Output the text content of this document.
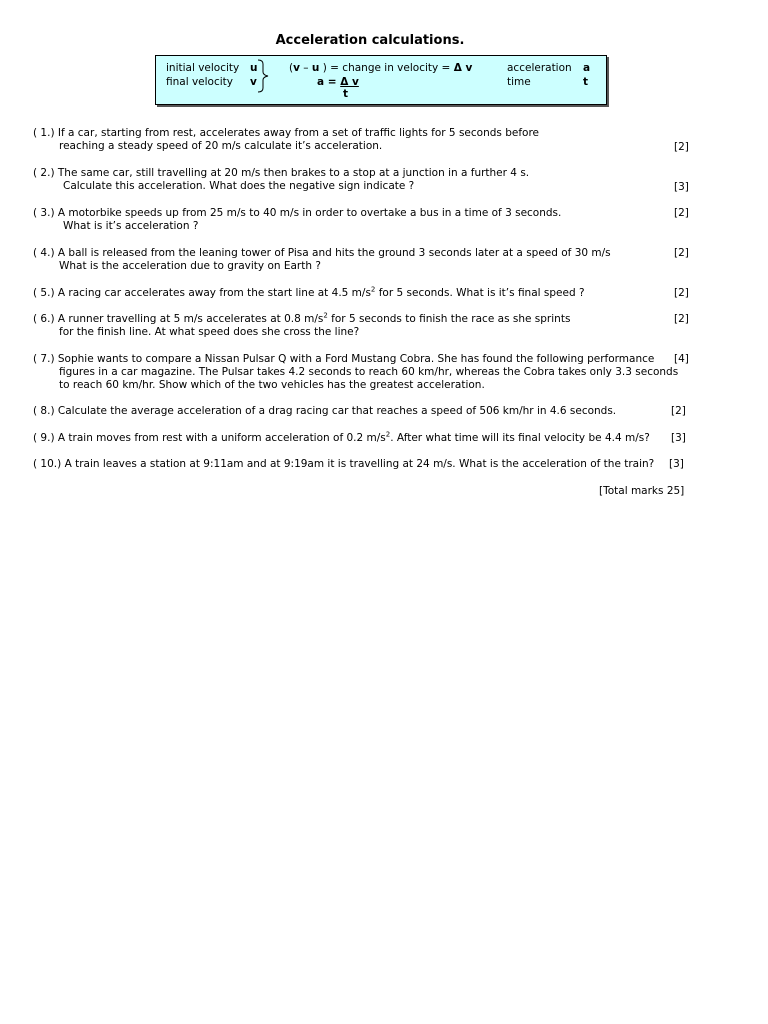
Acceleration calculations.
initial velocity u
final velocity v
(v – u ) = change in velocity = Δ v
a = Δ v
t
acceleration a
time	t
( 1.) If a car, starting from rest, accelerates away from a set of traffic lights for 5 seconds before
reaching a steady speed of 20 m/s calculate it’s acceleration.	[2]
( 2.) The same car, still travelling at 20 m/s then brakes to a stop at a junction in a further 4 s.
Calculate this acceleration. What does the negative sign indicate ?	[3]
( 3.) A motorbike speeds up from 25 m/s to 40 m/s in order to overtake a bus in a time of 3 seconds.
What is it’s acceleration ?
[2]
( 4.) A ball is released from the leaning tower of Pisa and hits the ground 3 seconds later at a speed of 30 m/s
What is the acceleration due to gravity on Earth ?
[2]
( 5.) A racing car accelerates away from the start line at 4.5 $m/s^2$ for 5 seconds. What is it’s final speed ?	[2]
( 6.) A runner travelling at 5 m/s accelerates at 0.8 $m/s^2$ for 5 seconds to finish the race as she sprints
for the finish line. At what speed does she cross the line?
[2]
( 7.) Sophie wants to compare a Nissan Pulsar Q with a Ford Mustang Cobra. She has found the following performance
figures in a car magazine. The Pulsar takes 4.2 seconds to reach 60 km/hr, whereas the Cobra takes only 3.3 seconds
to reach 60 km/hr. Show which of the two vehicles has the greatest acceleration.
[4]
( 8.) Calculate the average acceleration of a drag racing car that reaches a speed of 506 km/hr in 4.6 seconds.	[2]
( 9.) A train moves from rest with a uniform acceleration of 0.2 $m/s^2$. After what time will its final velocity be 4.4 m/s? [3]
( 10.) A train leaves a station at 9:11am and at 9:19am it is travelling at 24 m/s. What is the acceleration of the train? [3]
[Total marks 25]
